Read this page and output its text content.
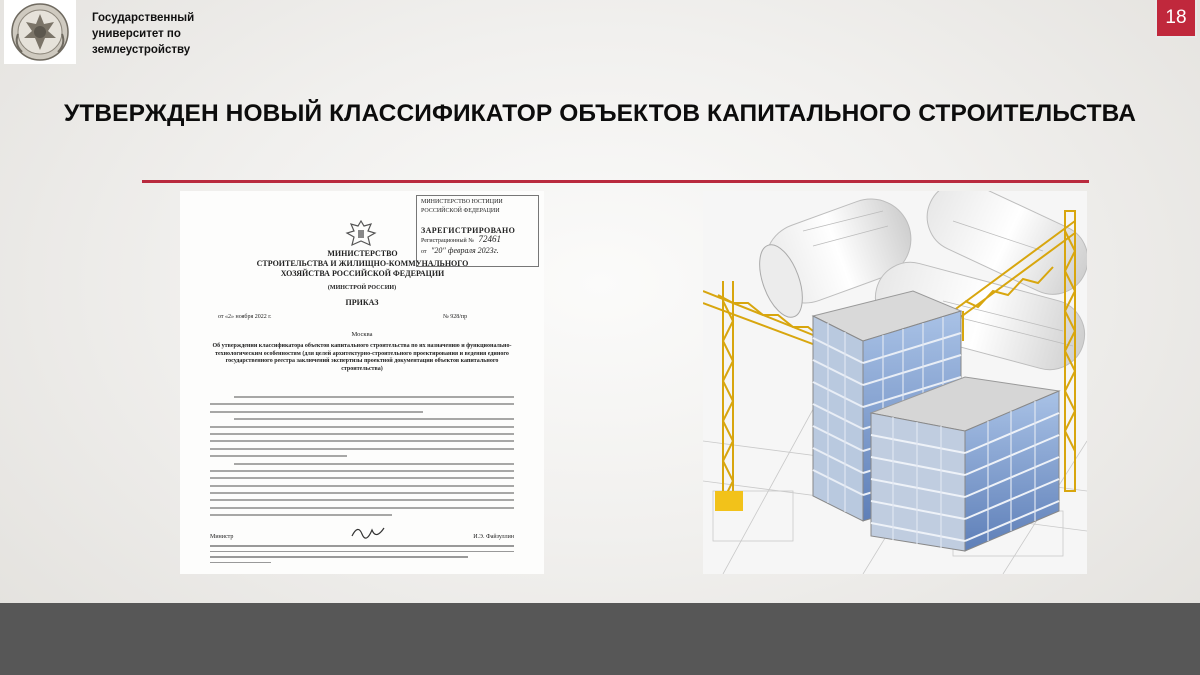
Государственный
университет по
землеустройству
18
УТВЕРЖДЕН НОВЫЙ КЛАССИФИКАТОР ОБЪЕКТОВ КАПИТАЛЬНОГО СТРОИТЕЛЬСТВА
МИНИСТЕРСТВО ЮСТИЦИИ РОССИЙСКОЙ ФЕДЕРАЦИИ
ЗАРЕГИСТРИРОВАНО
Регистрационный № 72461
от "20" февраля 2023г.
МИНИСТЕРСТВО
СТРОИТЕЛЬСТВА И ЖИЛИЩНО-КОММУНАЛЬНОГО
ХОЗЯЙСТВА РОССИЙСКОЙ ФЕДЕРАЦИИ
(МИНСТРОЙ РОССИИ)
ПРИКАЗ
от «2» ноября 2022 г.	№ 928/пр
Москва
Об утверждении классификатора объектов капитального строительства по их назначению и функционально-технологическим особенностям (для целей архитектурно-строительного проектирования и ведения единого государственного реестра заключений экспертизы проектной документации объектов капитального строительства)
Министр	И.Э. Файзуллин
